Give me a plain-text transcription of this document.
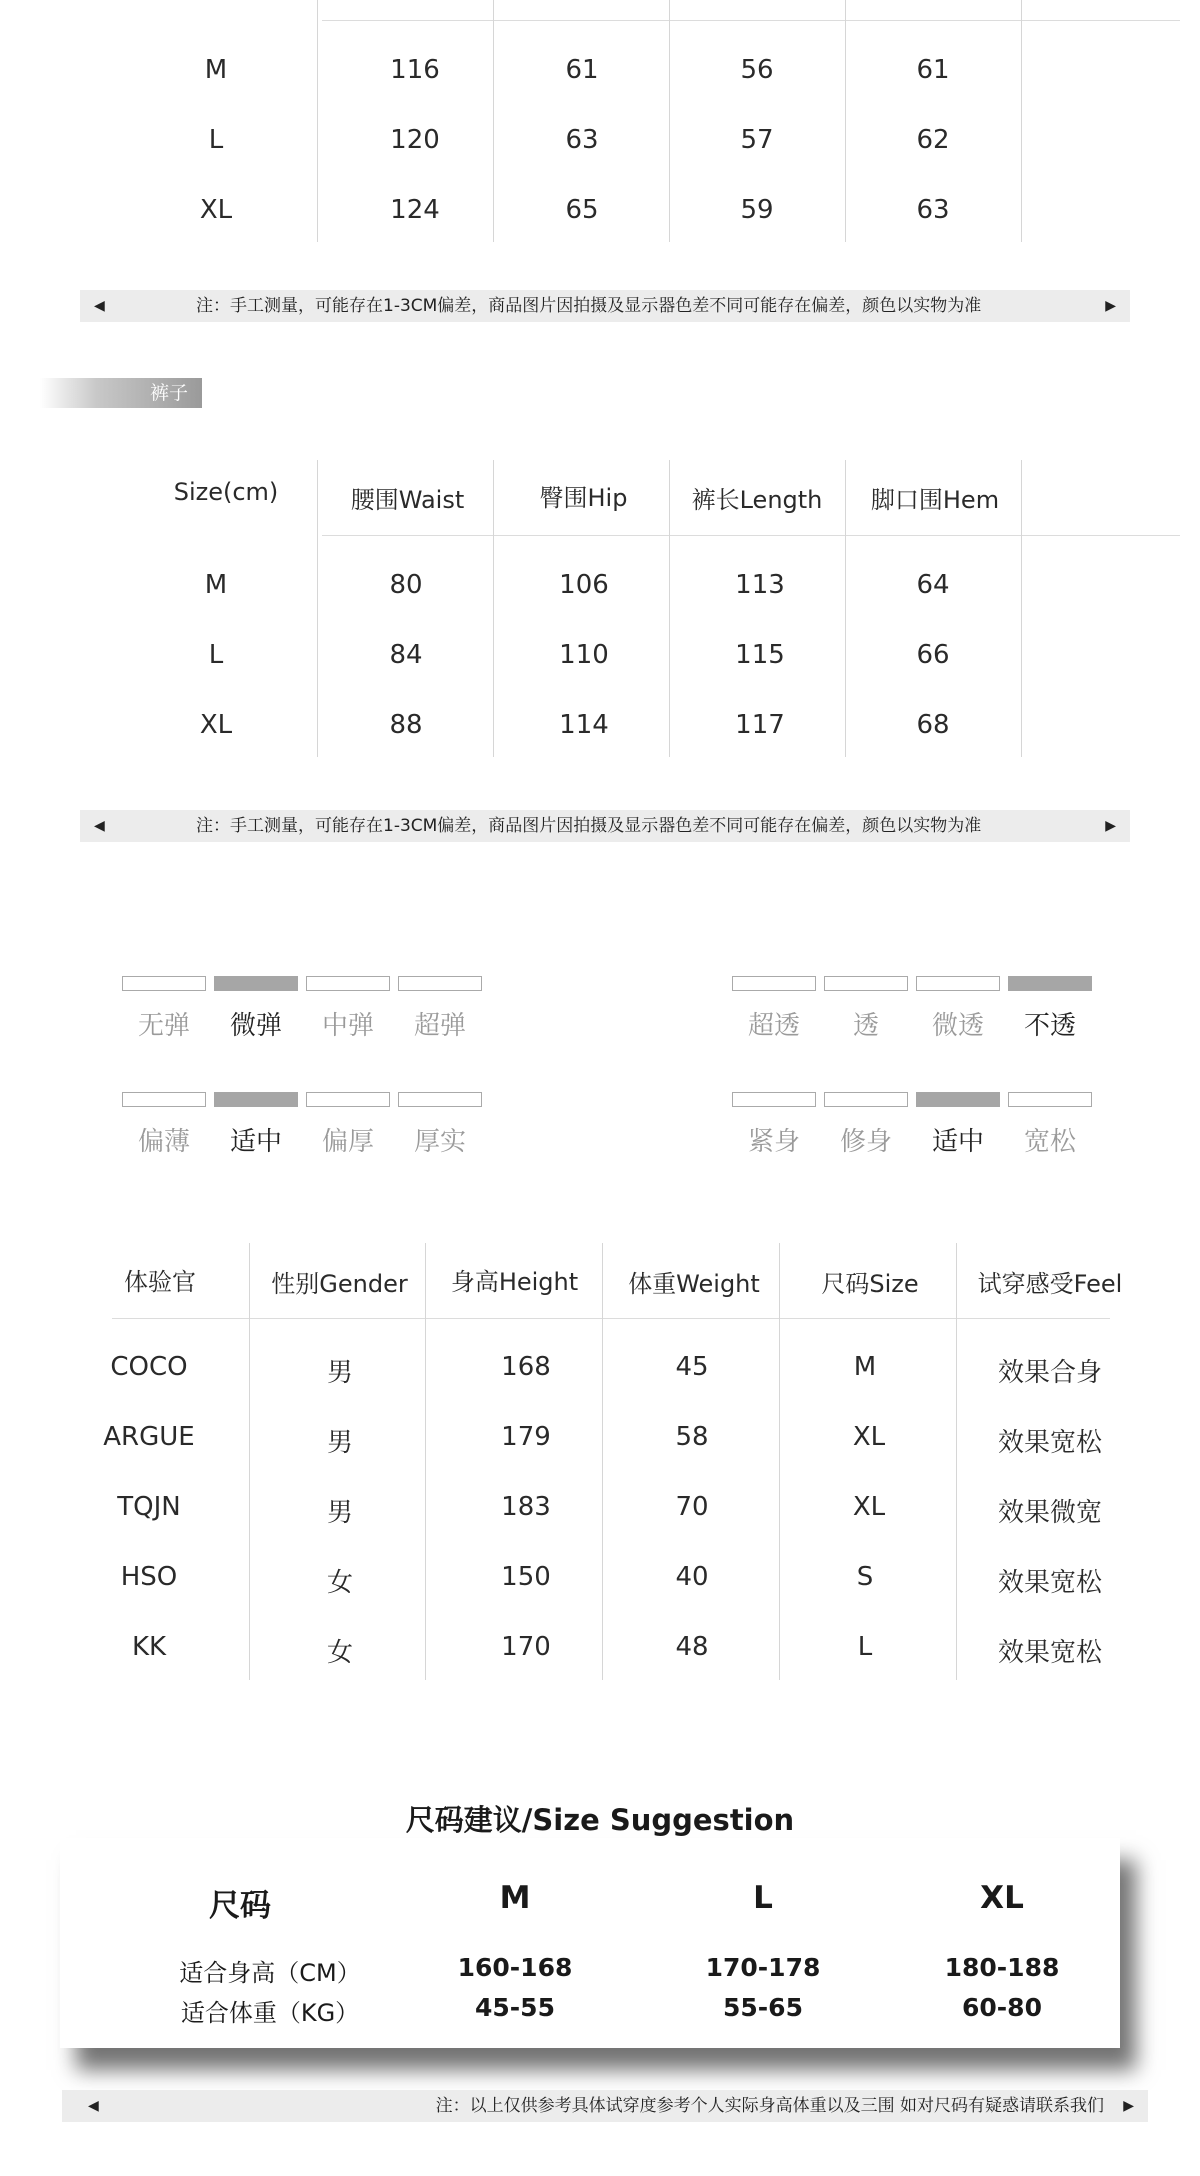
M	116	61	56	61
L	120	63	57	62
XL	124	65	59	63
◀	注：手工测量，可能存在1-3CM偏差，商品图片因拍摄及显示器色差不同可能存在偏差，颜色以实物为准	▶
裤子
Size(cm)	腰围Waist	臀围Hip	裤长Length	脚口围Hem
M	80	106	113	64
L	84	110	115	66
XL	88	114	117	68
◀	注：手工测量，可能存在1-3CM偏差，商品图片因拍摄及显示器色差不同可能存在偏差，颜色以实物为准	▶
无弹	微弹	中弹	超弹	超透	透	微透	不透
偏薄	适中	偏厚	厚实	紧身	修身	适中	宽松
体验官	性别Gender	身高Height	体重Weight	尺码Size	试穿感受Feel
COCO	男	168	45	M	效果合身
ARGUE	男	179	58	XL	效果宽松
TQJN	男	183	70	XL	效果微宽
HSO	女	150	40	S	效果宽松
KK	女	170	48	L	效果宽松
尺码建议/Size Suggestion
尺码	M	L	XL
适合身高（CM）	160-168	170-178	180-188
适合体重（KG）	45-55	55-65	60-80
◀	注：以上仅供参考具体试穿度参考个人实际身高体重以及三围 如对尺码有疑惑请联系我们 ▶
